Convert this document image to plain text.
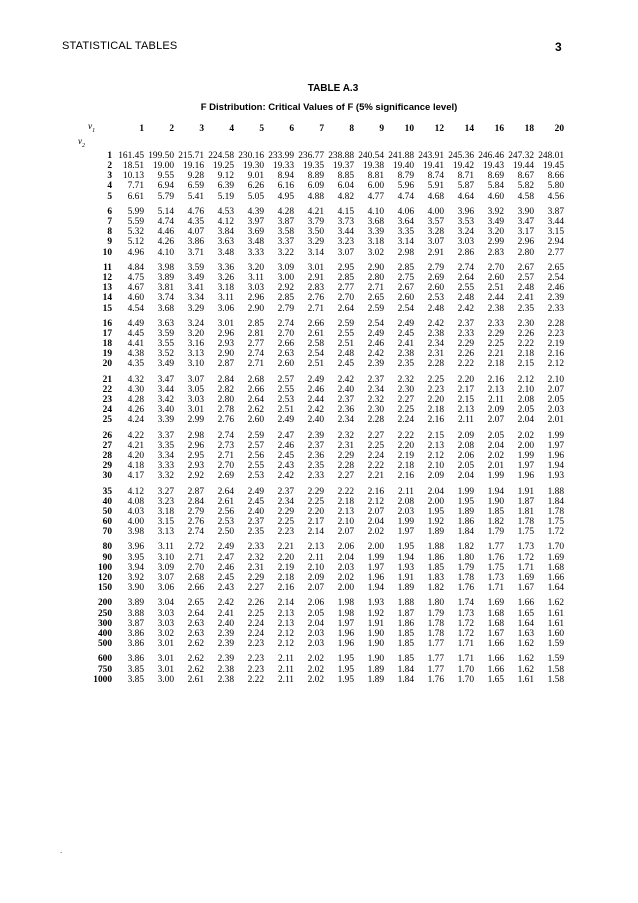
STATISTICAL TABLES	3
TABLE A.3
F Distribution: Critical Values of F (5% significance level)
$\nu_1$	1	2	3	4	5	6	7	8	9	10	12	14	16	18	20
$\nu_2$
1	161.45	199.50	215.71	224.58	230.16	233.99	236.77	238.88	240.54	241.88	243.91	245.36	246.46	247.32	248.01
2	18.51	19.00	19.16	19.25	19.30	19.33	19.35	19.37	19.38	19.40	19.41	19.42	19.43	19.44	19.45
3	10.13	9.55	9.28	9.12	9.01	8.94	8.89	8.85	8.81	8.79	8.74	8.71	8.69	8.67	8.66
4	7.71	6.94	6.59	6.39	6.26	6.16	6.09	6.04	6.00	5.96	5.91	5.87	5.84	5.82	5.80
5	6.61	5.79	5.41	5.19	5.05	4.95	4.88	4.82	4.77	4.74	4.68	4.64	4.60	4.58	4.56

6	5.99	5.14	4.76	4.53	4.39	4.28	4.21	4.15	4.10	4.06	4.00	3.96	3.92	3.90	3.87
7	5.59	4.74	4.35	4.12	3.97	3.87	3.79	3.73	3.68	3.64	3.57	3.53	3.49	3.47	3.44
8	5.32	4.46	4.07	3.84	3.69	3.58	3.50	3.44	3.39	3.35	3.28	3.24	3.20	3.17	3.15
9	5.12	4.26	3.86	3.63	3.48	3.37	3.29	3.23	3.18	3.14	3.07	3.03	2.99	2.96	2.94
10	4.96	4.10	3.71	3.48	3.33	3.22	3.14	3.07	3.02	2.98	2.91	2.86	2.83	2.80	2.77

11	4.84	3.98	3.59	3.36	3.20	3.09	3.01	2.95	2.90	2.85	2.79	2.74	2.70	2.67	2.65
12	4.75	3.89	3.49	3.26	3.11	3.00	2.91	2.85	2.80	2.75	2.69	2.64	2.60	2.57	2.54
13	4.67	3.81	3.41	3.18	3.03	2.92	2.83	2.77	2.71	2.67	2.60	2.55	2.51	2.48	2.46
14	4.60	3.74	3.34	3.11	2.96	2.85	2.76	2.70	2.65	2.60	2.53	2.48	2.44	2.41	2.39
15	4.54	3.68	3.29	3.06	2.90	2.79	2.71	2.64	2.59	2.54	2.48	2.42	2.38	2.35	2.33

16	4.49	3.63	3.24	3.01	2.85	2.74	2.66	2.59	2.54	2.49	2.42	2.37	2.33	2.30	2.28
17	4.45	3.59	3.20	2.96	2.81	2.70	2.61	2.55	2.49	2.45	2.38	2.33	2.29	2.26	2.23
18	4.41	3.55	3.16	2.93	2.77	2.66	2.58	2.51	2.46	2.41	2.34	2.29	2.25	2.22	2.19
19	4.38	3.52	3.13	2.90	2.74	2.63	2.54	2.48	2.42	2.38	2.31	2.26	2.21	2.18	2.16
20	4.35	3.49	3.10	2.87	2.71	2.60	2.51	2.45	2.39	2.35	2.28	2.22	2.18	2.15	2.12

21	4.32	3.47	3.07	2.84	2.68	2.57	2.49	2.42	2.37	2.32	2.25	2.20	2.16	2.12	2.10
22	4.30	3.44	3.05	2.82	2.66	2.55	2.46	2.40	2.34	2.30	2.23	2.17	2.13	2.10	2.07
23	4.28	3.42	3.03	2.80	2.64	2.53	2.44	2.37	2.32	2.27	2.20	2.15	2.11	2.08	2.05
24	4.26	3.40	3.01	2.78	2.62	2.51	2.42	2.36	2.30	2.25	2.18	2.13	2.09	2.05	2.03
25	4.24	3.39	2.99	2.76	2.60	2.49	2.40	2.34	2.28	2.24	2.16	2.11	2.07	2.04	2.01

26	4.22	3.37	2.98	2.74	2.59	2.47	2.39	2.32	2.27	2.22	2.15	2.09	2.05	2.02	1.99
27	4.21	3.35	2.96	2.73	2.57	2.46	2.37	2.31	2.25	2.20	2.13	2.08	2.04	2.00	1.97
28	4.20	3.34	2.95	2.71	2.56	2.45	2.36	2.29	2.24	2.19	2.12	2.06	2.02	1.99	1.96
29	4.18	3.33	2.93	2.70	2.55	2.43	2.35	2.28	2.22	2.18	2.10	2.05	2.01	1.97	1.94
30	4.17	3.32	2.92	2.69	2.53	2.42	2.33	2.27	2.21	2.16	2.09	2.04	1.99	1.96	1.93

35	4.12	3.27	2.87	2.64	2.49	2.37	2.29	2.22	2.16	2.11	2.04	1.99	1.94	1.91	1.88
40	4.08	3.23	2.84	2.61	2.45	2.34	2.25	2.18	2.12	2.08	2.00	1.95	1.90	1.87	1.84
50	4.03	3.18	2.79	2.56	2.40	2.29	2.20	2.13	2.07	2.03	1.95	1.89	1.85	1.81	1.78
60	4.00	3.15	2.76	2.53	2.37	2.25	2.17	2.10	2.04	1.99	1.92	1.86	1.82	1.78	1.75
70	3.98	3.13	2.74	2.50	2.35	2.23	2.14	2.07	2.02	1.97	1.89	1.84	1.79	1.75	1.72

80	3.96	3.11	2.72	2.49	2.33	2.21	2.13	2.06	2.00	1.95	1.88	1.82	1.77	1.73	1.70
90	3.95	3.10	2.71	2.47	2.32	2.20	2.11	2.04	1.99	1.94	1.86	1.80	1.76	1.72	1.69
100	3.94	3.09	2.70	2.46	2.31	2.19	2.10	2.03	1.97	1.93	1.85	1.79	1.75	1.71	1.68
120	3.92	3.07	2.68	2.45	2.29	2.18	2.09	2.02	1.96	1.91	1.83	1.78	1.73	1.69	1.66
150	3.90	3.06	2.66	2.43	2.27	2.16	2.07	2.00	1.94	1.89	1.82	1.76	1.71	1.67	1.64

200	3.89	3.04	2.65	2.42	2.26	2.14	2.06	1.98	1.93	1.88	1.80	1.74	1.69	1.66	1.62
250	3.88	3.03	2.64	2.41	2.25	2.13	2.05	1.98	1.92	1.87	1.79	1.73	1.68	1.65	1.61
300	3.87	3.03	2.63	2.40	2.24	2.13	2.04	1.97	1.91	1.86	1.78	1.72	1.68	1.64	1.61
400	3.86	3.02	2.63	2.39	2.24	2.12	2.03	1.96	1.90	1.85	1.78	1.72	1.67	1.63	1.60
500	3.86	3.01	2.62	2.39	2.23	2.12	2.03	1.96	1.90	1.85	1.77	1.71	1.66	1.62	1.59

600	3.86	3.01	2.62	2.39	2.23	2.11	2.02	1.95	1.90	1.85	1.77	1.71	1.66	1.62	1.59
750	3.85	3.01	2.62	2.38	2.23	2.11	2.02	1.95	1.89	1.84	1.77	1.70	1.66	1.62	1.58
1000	3.85	3.00	2.61	2.38	2.22	2.11	2.02	1.95	1.89	1.84	1.76	1.70	1.65	1.61	1.58
.
